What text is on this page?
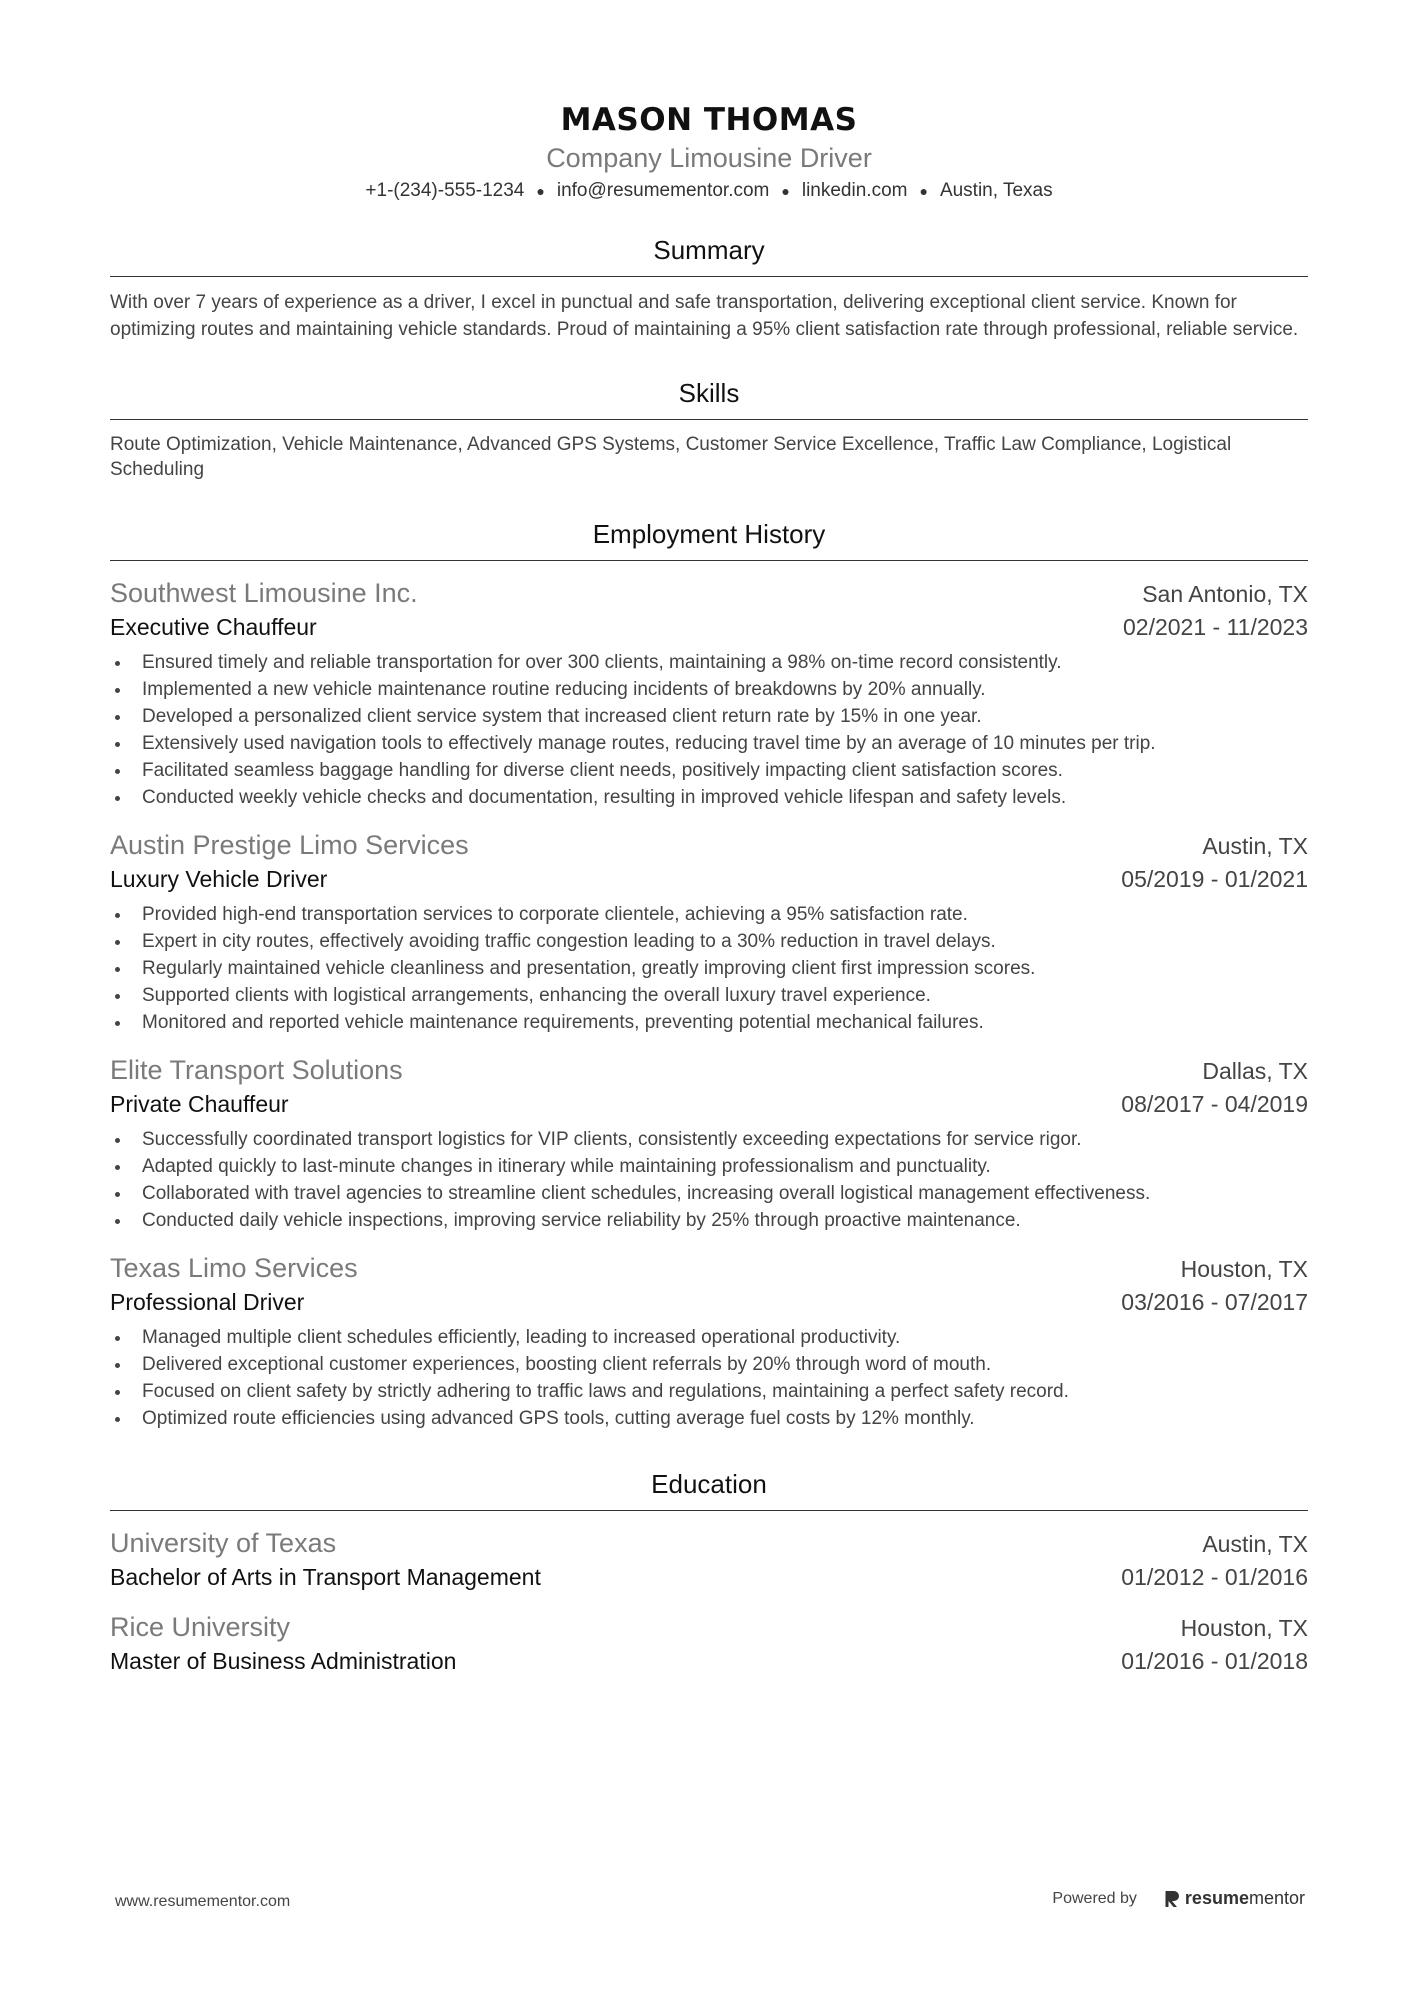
MASON THOMAS
Company Limousine Driver
+1-(234)-555-1234 ● info@resumementor.com ● linkedin.com ● Austin, Texas
Summary
With over 7 years of experience as a driver, I excel in punctual and safe transportation, delivering exceptional client service. Known for optimizing routes and maintaining vehicle standards. Proud of maintaining a 95% client satisfaction rate through professional, reliable service.
Skills
Route Optimization, Vehicle Maintenance, Advanced GPS Systems, Customer Service Excellence, Traffic Law Compliance, Logistical Scheduling
Employment History
Southwest Limousine Inc.	San Antonio, TX
Executive Chauffeur	02/2021 - 11/2023
Ensured timely and reliable transportation for over 300 clients, maintaining a 98% on-time record consistently.
Implemented a new vehicle maintenance routine reducing incidents of breakdowns by 20% annually.
Developed a personalized client service system that increased client return rate by 15% in one year.
Extensively used navigation tools to effectively manage routes, reducing travel time by an average of 10 minutes per trip.
Facilitated seamless baggage handling for diverse client needs, positively impacting client satisfaction scores.
Conducted weekly vehicle checks and documentation, resulting in improved vehicle lifespan and safety levels.
Austin Prestige Limo Services	Austin, TX
Luxury Vehicle Driver	05/2019 - 01/2021
Provided high-end transportation services to corporate clientele, achieving a 95% satisfaction rate.
Expert in city routes, effectively avoiding traffic congestion leading to a 30% reduction in travel delays.
Regularly maintained vehicle cleanliness and presentation, greatly improving client first impression scores.
Supported clients with logistical arrangements, enhancing the overall luxury travel experience.
Monitored and reported vehicle maintenance requirements, preventing potential mechanical failures.
Elite Transport Solutions	Dallas, TX
Private Chauffeur	08/2017 - 04/2019
Successfully coordinated transport logistics for VIP clients, consistently exceeding expectations for service rigor.
Adapted quickly to last-minute changes in itinerary while maintaining professionalism and punctuality.
Collaborated with travel agencies to streamline client schedules, increasing overall logistical management effectiveness.
Conducted daily vehicle inspections, improving service reliability by 25% through proactive maintenance.
Texas Limo Services	Houston, TX
Professional Driver	03/2016 - 07/2017
Managed multiple client schedules efficiently, leading to increased operational productivity.
Delivered exceptional customer experiences, boosting client referrals by 20% through word of mouth.
Focused on client safety by strictly adhering to traffic laws and regulations, maintaining a perfect safety record.
Optimized route efficiencies using advanced GPS tools, cutting average fuel costs by 12% monthly.
Education
University of Texas	Austin, TX
Bachelor of Arts in Transport Management	01/2012 - 01/2016
Rice University	Houston, TX
Master of Business Administration	01/2016 - 01/2018
www.resumementor.com	Powered by	resumementor
